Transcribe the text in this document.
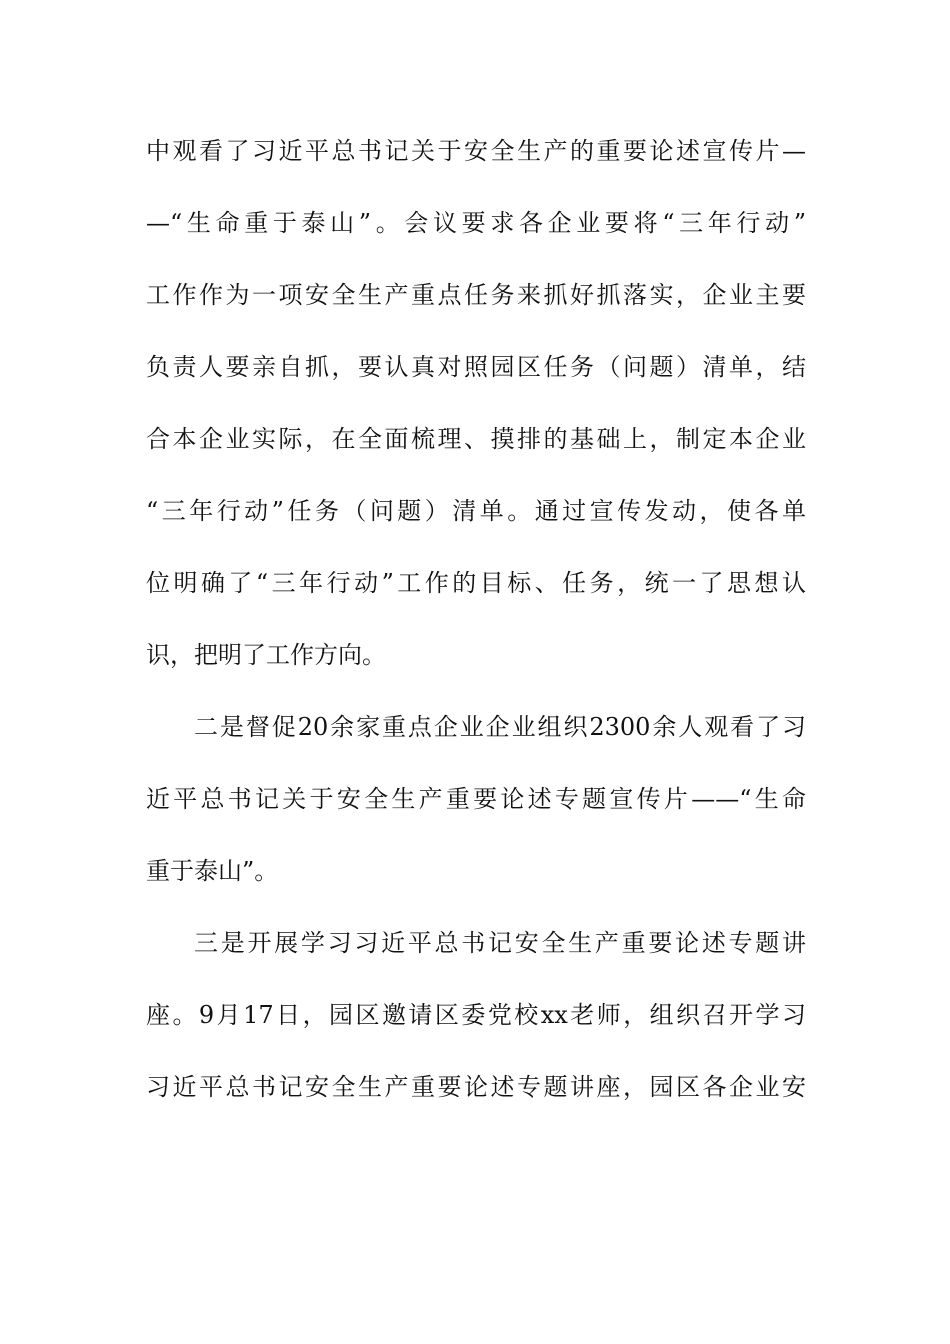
中观看了习近平总书记关于安全生产的重要论述宣传片—
—“生命重于泰山”。会议要求各企业要将“三年行动”
工作作为一项安全生产重点任务来抓好抓落实，企业主要
负责人要亲自抓，要认真对照园区任务（问题）清单，结
合本企业实际，在全面梳理、摸排的基础上，制定本企业
“三年行动”任务（问题）清单。通过宣传发动，使各单
位明确了“三年行动”工作的目标、任务，统一了思想认
识，把明了工作方向。
二是督促20余家重点企业企业组织2300余人观看了习
近平总书记关于安全生产重要论述专题宣传片——“生命
重于泰山”。
三是开展学习习近平总书记安全生产重要论述专题讲
座。9月17日，园区邀请区委党校xx老师，组织召开学习
习近平总书记安全生产重要论述专题讲座，园区各企业安
